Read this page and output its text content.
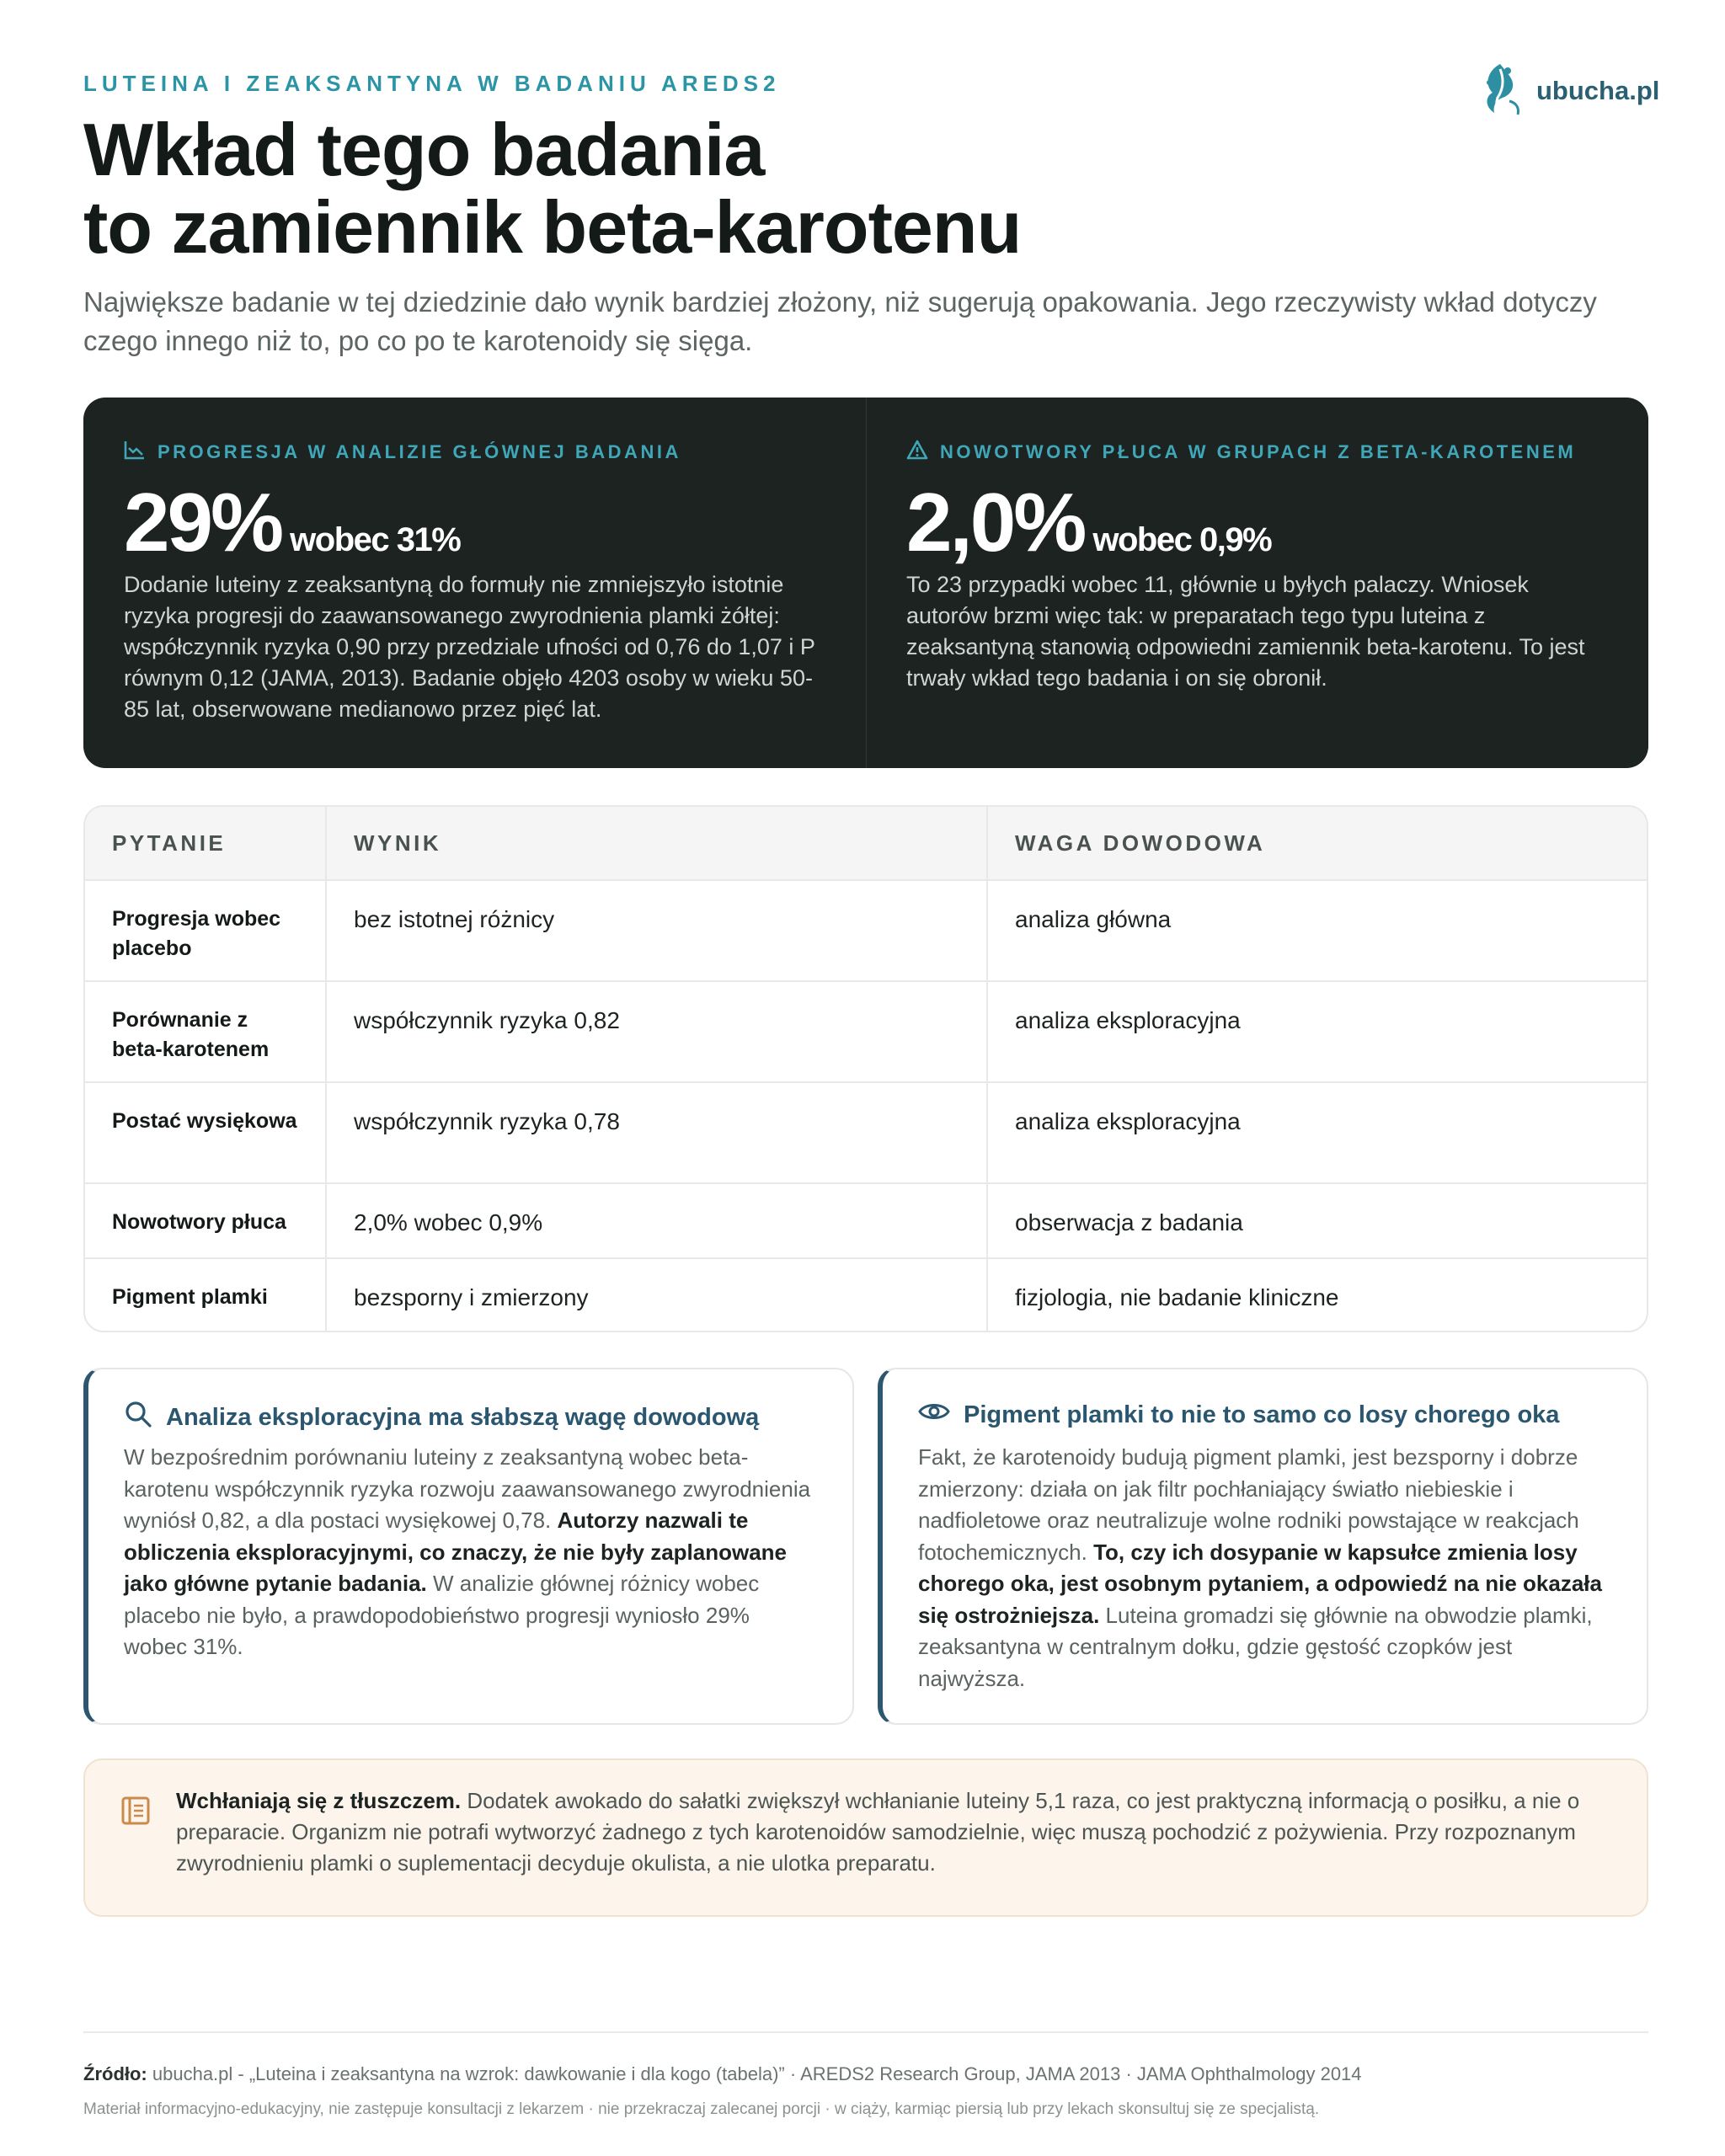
LUTEINA I ZEAKSANTYNA W BADANIU AREDS2	ubucha.pl
Wkład tego badania
to zamiennik beta-karotenu
Największe badanie w tej dziedzinie dało wynik bardziej złożony, niż sugerują opakowania. Jego rzeczywisty wkład dotyczy czego innego niż to, po co po te karotenoidy się sięga.
PROGRESJA W ANALIZIE GŁÓWNEJ BADANIA
29% wobec 31%
Dodanie luteiny z zeaksantyną do formuły nie zmniejszyło istotnie ryzyka progresji do zaawansowanego zwyrodnienia plamki żółtej: współczynnik ryzyka 0,90 przy przedziale ufności od 0,76 do 1,07 i P równym 0,12 (JAMA, 2013). Badanie objęło 4203 osoby w wieku 50-85 lat, obserwowane medianowo przez pięć lat.
NOWOTWORY PŁUCA W GRUPACH Z BETA-KAROTENEM
2,0% wobec 0,9%
To 23 przypadki wobec 11, głównie u byłych palaczy. Wniosek autorów brzmi więc tak: w preparatach tego typu luteina z zeaksantyną stanowią odpowiedni zamiennik beta-karotenu. To jest trwały wkład tego badania i on się obronił.
PYTANIE	WYNIK	WAGA DOWODOWA
Progresja wobec placebo	bez istotnej różnicy	analiza główna
Porównanie z beta-karotenem	współczynnik ryzyka 0,82	analiza eksploracyjna
Postać wysiękowa	współczynnik ryzyka 0,78	analiza eksploracyjna
Nowotwory płuca	2,0% wobec 0,9%	obserwacja z badania
Pigment plamki	bezsporny i zmierzony	fizjologia, nie badanie kliniczne
Analiza eksploracyjna ma słabszą wagę dowodową
W bezpośrednim porównaniu luteiny z zeaksantyną wobec beta-karotenu współczynnik ryzyka rozwoju zaawansowanego zwyrodnienia wyniósł 0,82, a dla postaci wysiękowej 0,78. Autorzy nazwali te obliczenia eksploracyjnymi, co znaczy, że nie były zaplanowane jako główne pytanie badania. W analizie głównej różnicy wobec placebo nie było, a prawdopodobieństwo progresji wyniosło 29% wobec 31%.
Pigment plamki to nie to samo co losy chorego oka
Fakt, że karotenoidy budują pigment plamki, jest bezsporny i dobrze zmierzony: działa on jak filtr pochłaniający światło niebieskie i nadfioletowe oraz neutralizuje wolne rodniki powstające w reakcjach fotochemicznych. To, czy ich dosypanie w kapsułce zmienia losy chorego oka, jest osobnym pytaniem, a odpowiedź na nie okazała się ostrożniejsza. Luteina gromadzi się głównie na obwodzie plamki, zeaksantyna w centralnym dołku, gdzie gęstość czopków jest najwyższa.
Wchłaniają się z tłuszczem. Dodatek awokado do sałatki zwiększył wchłanianie luteiny 5,1 raza, co jest praktyczną informacją o posiłku, a nie o preparacie. Organizm nie potrafi wytworzyć żadnego z tych karotenoidów samodzielnie, więc muszą pochodzić z pożywienia. Przy rozpoznanym zwyrodnieniu plamki o suplementacji decyduje okulista, a nie ulotka preparatu.
Źródło: ubucha.pl - „Luteina i zeaksantyna na wzrok: dawkowanie i dla kogo (tabela)” · AREDS2 Research Group, JAMA 2013 · JAMA Ophthalmology 2014
Materiał informacyjno-edukacyjny, nie zastępuje konsultacji z lekarzem · nie przekraczaj zalecanej porcji · w ciąży, karmiąc piersią lub przy lekach skonsultuj się ze specjalistą.
